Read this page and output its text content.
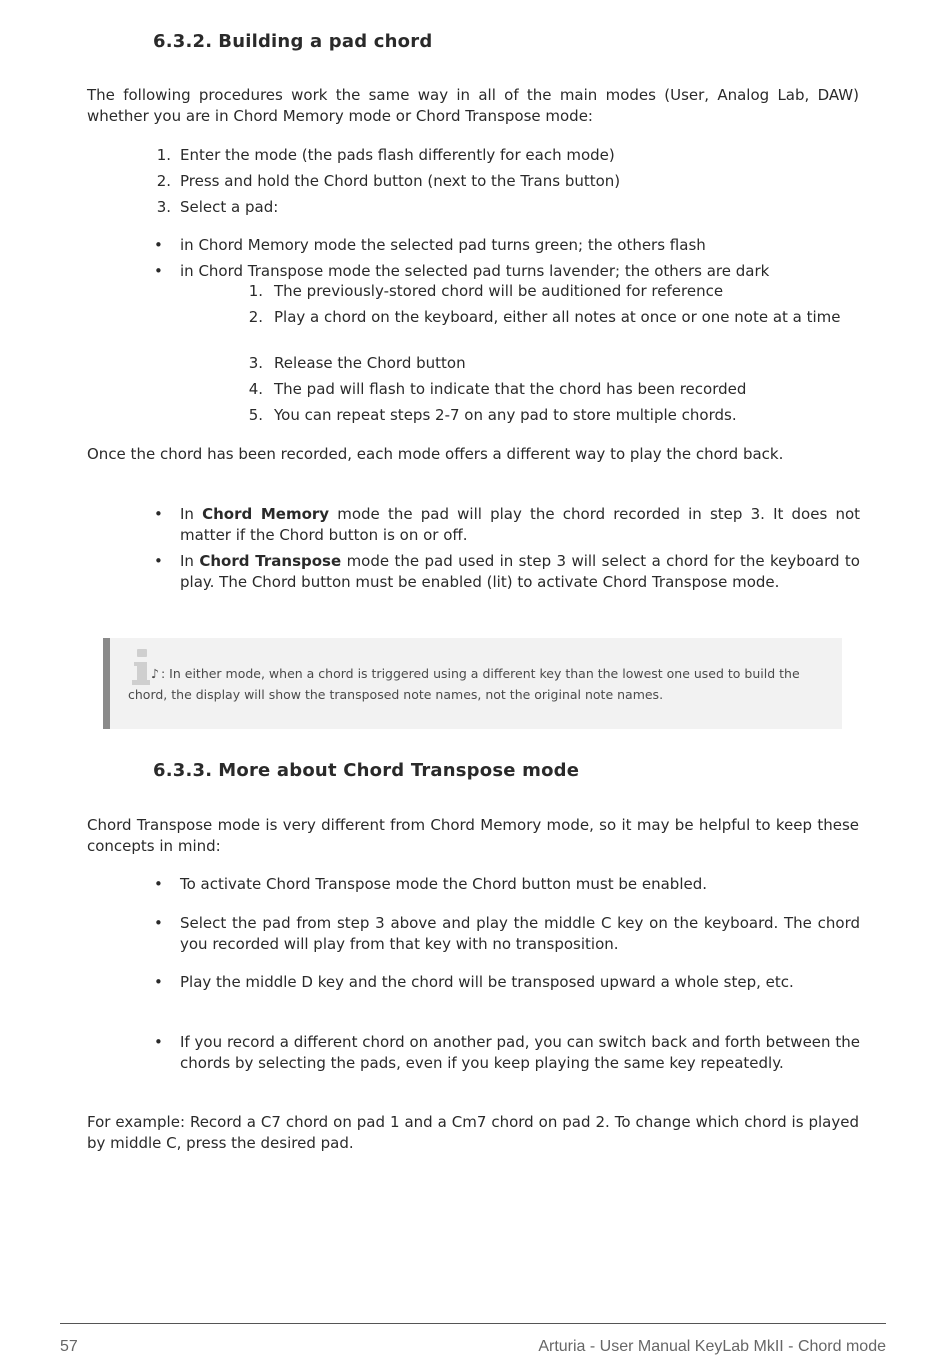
6.3.2. Building a pad chord

The following procedures work the same way in all of the main modes (User, Analog Lab, DAW) whether you are in Chord Memory mode or Chord Transpose mode:

1. Enter the mode (the pads flash differently for each mode)
2. Press and hold the Chord button (next to the Trans button)
3. Select a pad:
• in Chord Memory mode the selected pad turns green; the others flash
• in Chord Transpose mode the selected pad turns lavender; the others are dark
1. The previously-stored chord will be auditioned for reference
2. Play a chord on the keyboard, either all notes at once or one note at a time
3. Release the Chord button
4. The pad will flash to indicate that the chord has been recorded
5. You can repeat steps 2-7 on any pad to store multiple chords.

Once the chord has been recorded, each mode offers a different way to play the chord back.

• In Chord Memory mode the pad will play the chord recorded in step 3. It does not matter if the Chord button is on or off.
• In Chord Transpose mode the pad used in step 3 will select a chord for the keyboard to play. The Chord button must be enabled (lit) to activate Chord Transpose mode.

♪ : In either mode, when a chord is triggered using a different key than the lowest one used to build the chord, the display will show the transposed note names, not the original note names.

6.3.3. More about Chord Transpose mode

Chord Transpose mode is very different from Chord Memory mode, so it may be helpful to keep these concepts in mind:

• To activate Chord Transpose mode the Chord button must be enabled.
• Select the pad from step 3 above and play the middle C key on the keyboard. The chord you recorded will play from that key with no transposition.
• Play the middle D key and the chord will be transposed upward a whole step, etc.
• If you record a different chord on another pad, you can switch back and forth between the chords by selecting the pads, even if you keep playing the same key repeatedly.

For example: Record a C7 chord on pad 1 and a Cm7 chord on pad 2. To change which chord is played by middle C, press the desired pad.

57	Arturia - User Manual KeyLab MkII - Chord mode
